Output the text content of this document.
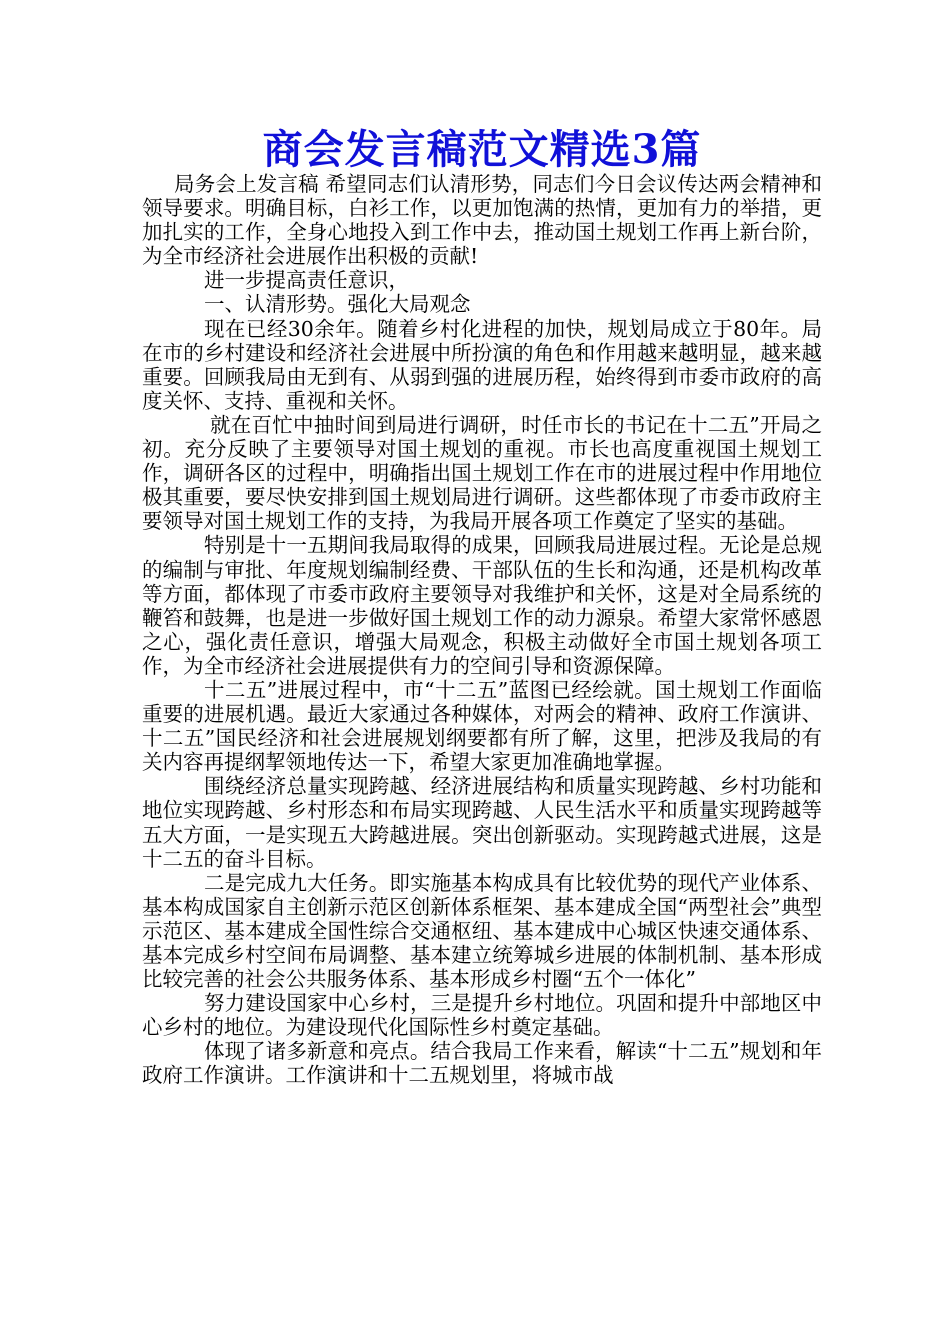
商会发言稿范文精选3篇

局务会上发言稿 希望同志们认清形势，同志们今日会议传达两会精神和领导要求。明确目标，白衫工作，以更加饱满的热情，更加有力的举措，更加扎实的工作，全身心地投入到工作中去，推动国土规划工作再上新台阶，为全市经济社会进展作出积极的贡献!

进一步提高责任意识，

一、认清形势。强化大局观念

现在已经30余年。随着乡村化进程的加快，规划局成立于80年。局在市的乡村建设和经济社会进展中所扮演的角色和作用越来越明显，越来越重要。回顾我局由无到有、从弱到强的进展历程，始终得到市委市政府的高度关怀、支持、重视和关怀。

就在百忙中抽时间到局进行调研，时任市长的书记在十二五”开局之初。充分反映了主要领导对国土规划的重视。市长也高度重视国土规划工作，调研各区的过程中，明确指出国土规划工作在市的进展过程中作用地位极其重要，要尽快安排到国土规划局进行调研。这些都体现了市委市政府主要领导对国土规划工作的支持，为我局开展各项工作奠定了坚实的基础。

特别是十一五期间我局取得的成果，回顾我局进展过程。无论是总规的编制与审批、年度规划编制经费、干部队伍的生长和沟通，还是机构改革等方面，都体现了市委市政府主要领导对我维护和关怀，这是对全局系统的鞭笞和鼓舞，也是进一步做好国土规划工作的动力源泉。希望大家常怀感恩之心，强化责任意识，增强大局观念，积极主动做好全市国土规划各项工作，为全市经济社会进展提供有力的空间引导和资源保障。

十二五”进展过程中，市“十二五”蓝图已经绘就。国土规划工作面临重要的进展机遇。最近大家通过各种媒体，对两会的精神、政府工作演讲、十二五”国民经济和社会进展规划纲要都有所了解，这里，把涉及我局的有关内容再提纲挈领地传达一下，希望大家更加准确地掌握。

围绕经济总量实现跨越、经济进展结构和质量实现跨越、乡村功能和地位实现跨越、乡村形态和布局实现跨越、人民生活水平和质量实现跨越等五大方面，一是实现五大跨越进展。突出创新驱动。实现跨越式进展，这是十二五的奋斗目标。

二是完成九大任务。即实施基本构成具有比较优势的现代产业体系、基本构成国家自主创新示范区创新体系框架、基本建成全国“两型社会”典型示范区、基本建成全国性综合交通枢纽、基本建成中心城区快速交通体系、基本完成乡村空间布局调整、基本建立统筹城乡进展的体制机制、基本形成比较完善的社会公共服务体系、基本形成乡村圈“五个一体化”

努力建设国家中心乡村，三是提升乡村地位。巩固和提升中部地区中心乡村的地位。为建设现代化国际性乡村奠定基础。

体现了诸多新意和亮点。结合我局工作来看，解读“十二五”规划和年政府工作演讲。工作演讲和十二五规划里，将城市战
